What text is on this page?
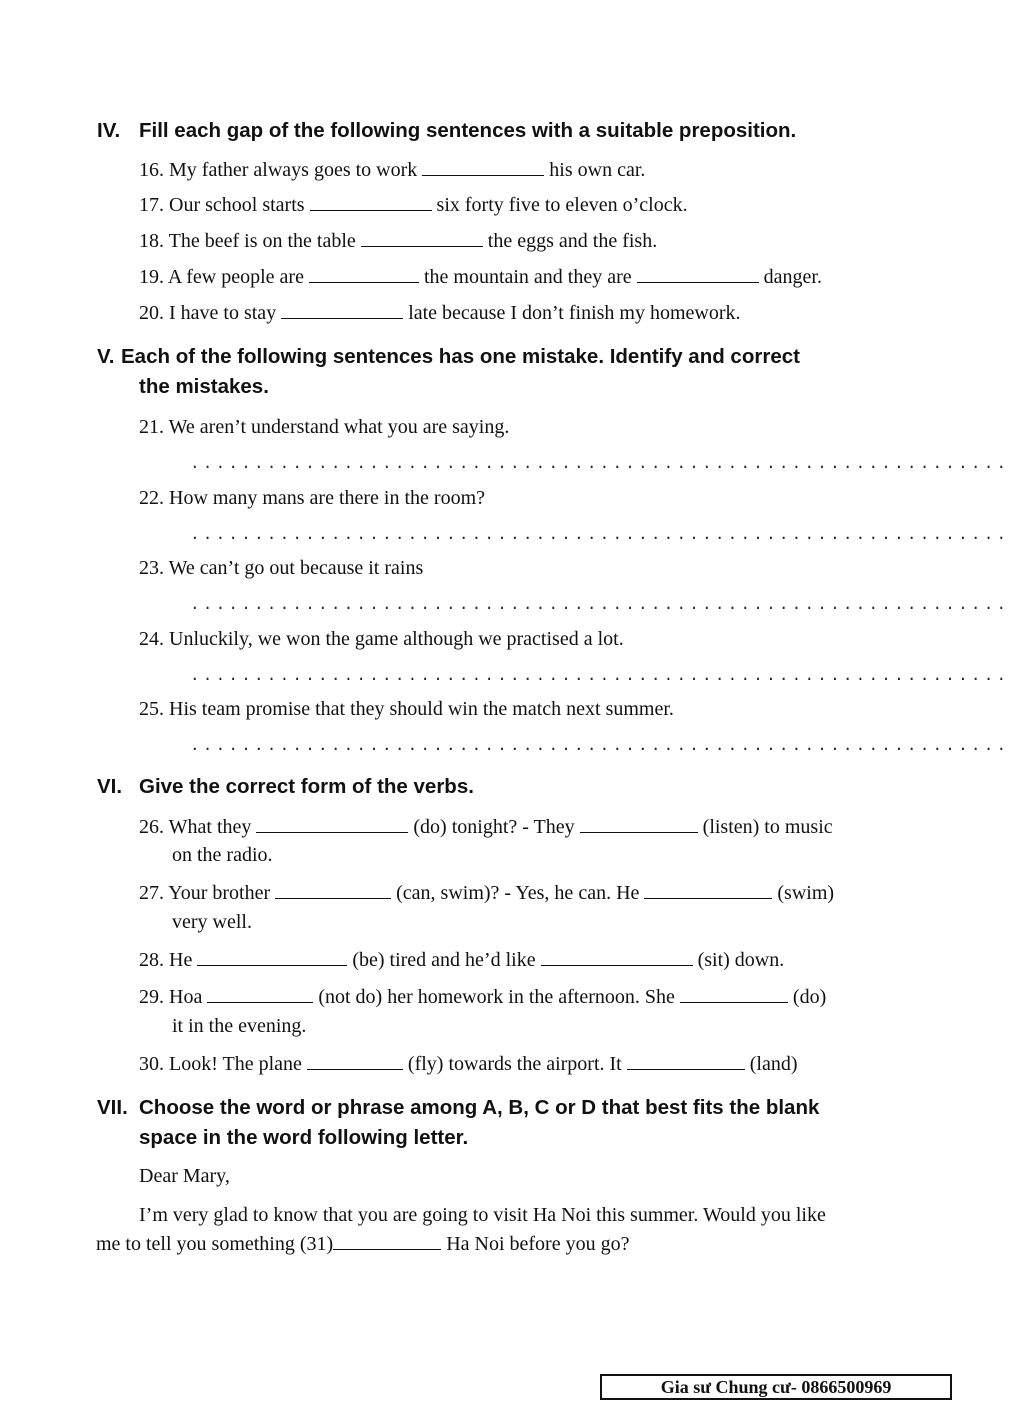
IV. Fill each gap of the following sentences with a suitable preposition.
16. My father always goes to work	his own car.
17. Our school starts	six forty five to eleven o’clock.
18. The beef is on the table	the eggs and the fish.
19. A few people are	the mountain and they are	danger.
20. I have to stay	late because I don’t finish my homework.
V. Each of the following sentences has one mistake. Identify and correct
the mistakes.
21. We aren’t understand what you are saying.
................................................................
22. How many mans are there in the room?
................................................................
23. We can’t go out because it rains
................................................................
24. Unluckily, we won the game although we practised a lot.
................................................................
25. His team promise that they should win the match next summer.
................................................................
VI. Give the correct form of the verbs.
26. What they	(do) tonight? - They	(listen) to music
on the radio.
27. Your brother	(can, swim)? - Yes, he can. He	(swim)
very well.
28. He	(be) tired and he’d like	(sit) down.
29. Hoa	(not do) her homework in the afternoon. She	(do)
it in the evening.
30. Look! The plane	(fly) towards the airport. It	(land)
VII. Choose the word or phrase among A, B, C or D that best fits the blank
space in the word following letter.
Dear Mary,
I’m very glad to know that you are going to visit Ha Noi this summer. Would you like
me to tell you something (31)	Ha Noi before you go?
Gia sư Chung cư- 0866500969
